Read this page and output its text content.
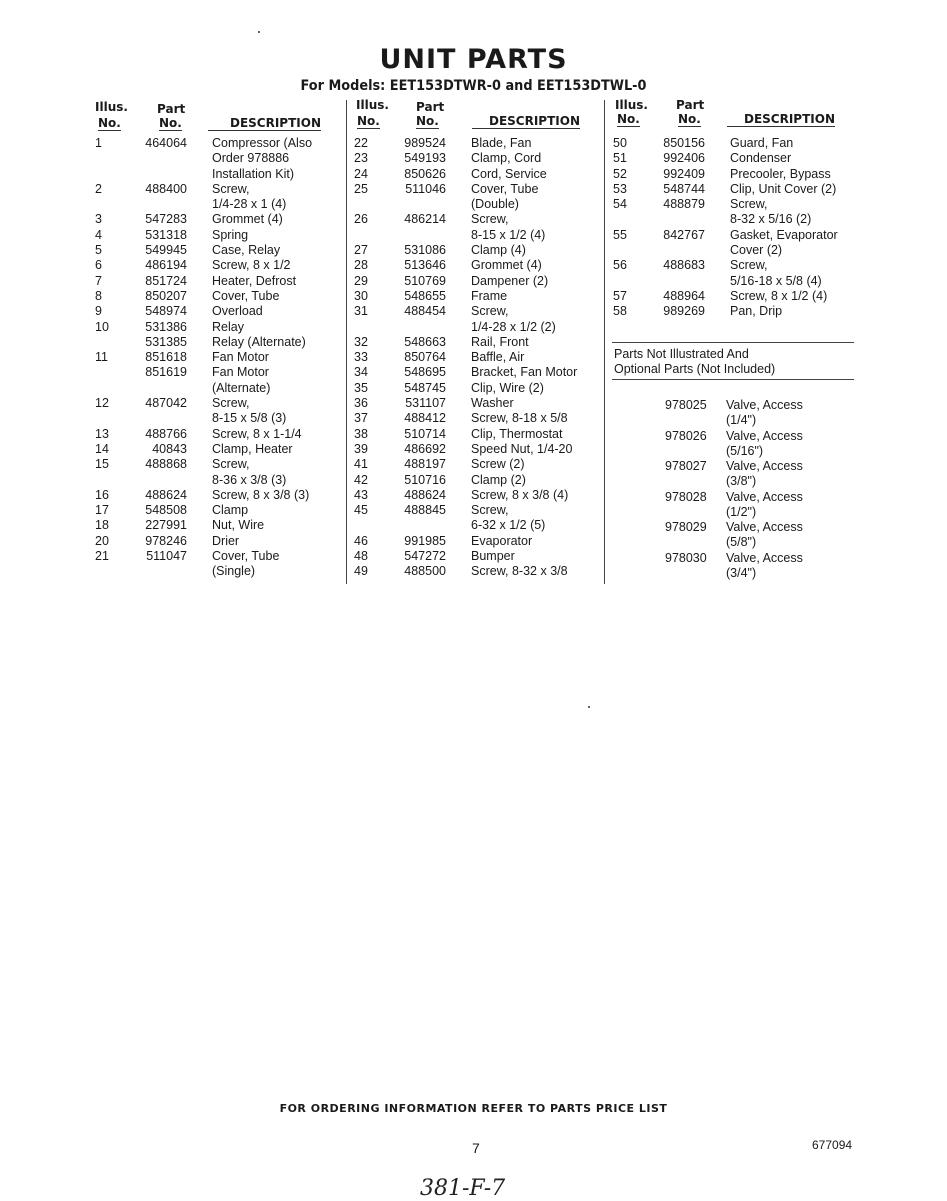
UNIT PARTS
For Models: EET153DTWR-0 and EET153DTWL-0
Illus.
No.
Part
No.	DESCRIPTION
1	464064 Compressor (Also
Order 978886
Installation Kit)
2	488400 Screw,
1/4-28 x 1 (4)
3	547283 Grommet (4)
4	531318 Spring
5	549945 Case, Relay
6	486194 Screw, 8 x 1/2
7	851724 Heater, Defrost
8	850207 Cover, Tube
9	548974 Overload
10	531386 Relay
531385 Relay (Alternate)
11	851618 Fan Motor
851619 Fan Motor
(Alternate)
12	487042 Screw,
8-15 x 5/8 (3)
13	488766 Screw, 8 x 1-1/4
14	40843 Clamp, Heater
15	488868 Screw,
8-36 x 3/8 (3)
16	488624 Screw, 8 x 3/8 (3)
17	548508 Clamp
18	227991 Nut, Wire
20	978246 Drier
21	511047 Cover, Tube
(Single)
Illus.
No.
Part
No.	DESCRIPTION
22	989524 Blade, Fan
23	549193 Clamp, Cord
24	850626 Cord, Service
25	511046 Cover, Tube
(Double)
26	486214 Screw,
8-15 x 1/2 (4)
27	531086 Clamp (4)
28	513646 Grommet (4)
29	510769 Dampener (2)
30	548655 Frame
31	488454 Screw,
1/4-28 x 1/2 (2)
32	548663 Rail, Front
33	850764 Baffle, Air
34	548695 Bracket, Fan Motor
35	548745 Clip, Wire (2)
36	531107 Washer
37	488412 Screw, 8-18 x 5/8
38	510714 Clip, Thermostat
39	486692 Speed Nut, 1/4-20
41	488197 Screw (2)
42	510716 Clamp (2)
43	488624 Screw, 8 x 3/8 (4)
45	488845 Screw,
6-32 x 1/2 (5)
46	991985 Evaporator
48	547272 Bumper
49	488500 Screw, 8-32 x 3/8
Illus.
No.
Part
No.	DESCRIPTION
50	850156 Guard, Fan
51	992406 Condenser
52	992409 Precooler, Bypass
53	548744 Clip, Unit Cover (2)
54	488879 Screw,
8-32 x 5/16 (2)
55	842767 Gasket, Evaporator
Cover (2)
56	488683 Screw,
5/16-18 x 5/8 (4)
57	488964 Screw, 8 x 1/2 (4)
58	989269 Pan, Drip
Parts Not Illustrated And
Optional Parts (Not Included)
978025 Valve, Access
(1/4")
978026 Valve, Access
(5/16")
978027 Valve, Access
(3/8")
978028 Valve, Access
(1/2")
978029 Valve, Access
(5/8")
978030 Valve, Access
(3/4")
FOR ORDERING INFORMATION REFER TO PARTS PRICE LIST
7	677094
381-F-7
